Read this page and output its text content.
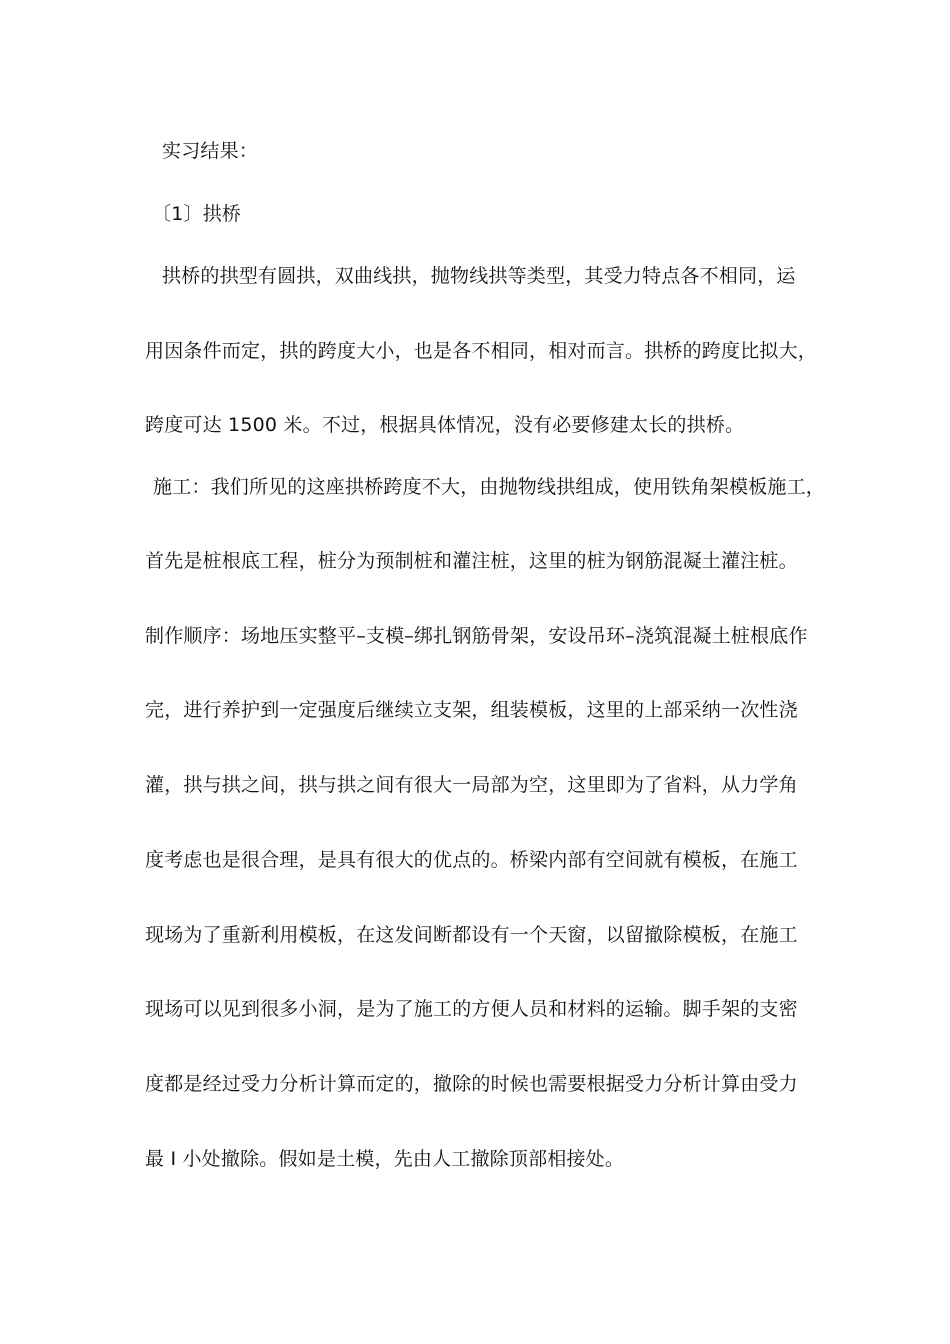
实习结果：
〔1〕拱桥
拱桥的拱型有圆拱，双曲线拱，抛物线拱等类型，其受力特点各不相同，运
用因条件而定，拱的跨度大小，也是各不相同，相对而言。拱桥的跨度比拟大，
跨度可达 1500 米。不过，根据具体情况，没有必要修建太长的拱桥。
施工：我们所见的这座拱桥跨度不大，由抛物线拱组成，使用铁角架模板施工，
首先是桩根底工程，桩分为预制桩和灌注桩，这里的桩为钢筋混凝土灌注桩。
制作顺序：场地压实整平–支模–绑扎钢筋骨架，安设吊环–浇筑混凝土桩根底作
完，进行养护到一定强度后继续立支架，组装模板，这里的上部采纳一次性浇
灌，拱与拱之间，拱与拱之间有很大一局部为空，这里即为了省料，从力学角
度考虑也是很合理，是具有很大的优点的。桥梁内部有空间就有模板，在施工
现场为了重新利用模板，在这发间断都设有一个天窗，以留撤除模板，在施工
现场可以见到很多小洞，是为了施工的方便人员和材料的运输。脚手架的支密
度都是经过受力分析计算而定的，撤除的时候也需要根据受力分析计算由受力
最 I 小处撤除。假如是土模，先由人工撤除顶部相接处。
